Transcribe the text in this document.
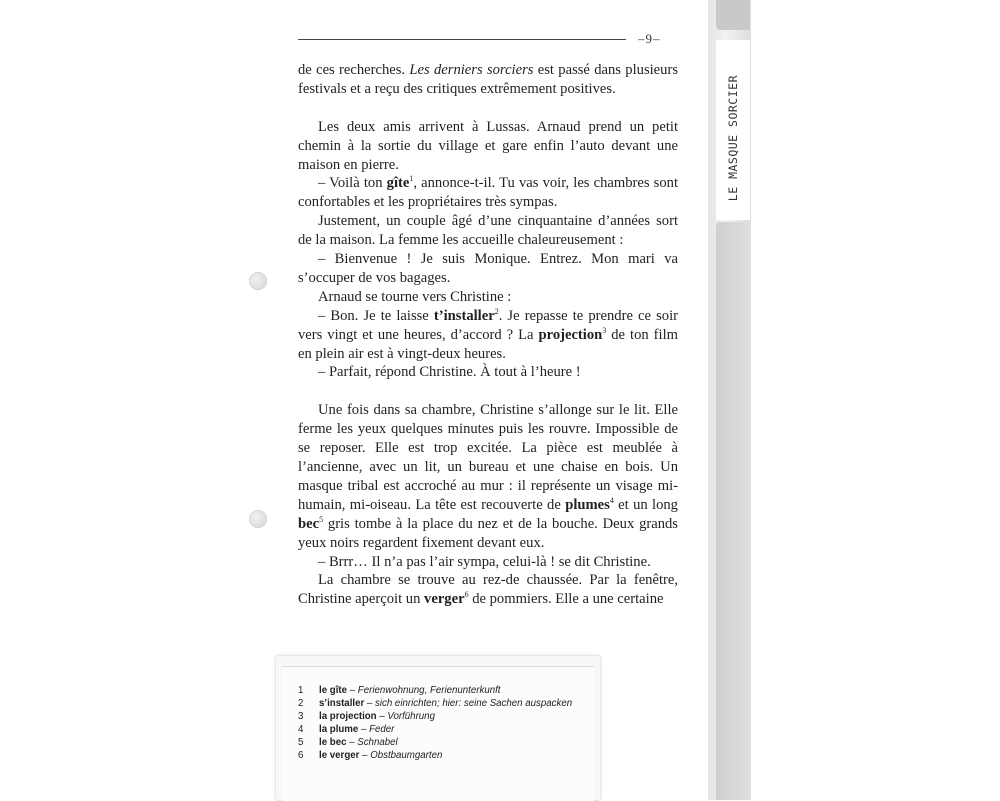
LE MASQUE SORCIER
–9–

de ces recherches. Les derniers sorciers est passé dans plusieurs festivals et a reçu des critiques extrêmement positives.

Les deux amis arrivent à Lussas. Arnaud prend un petit chemin à la sortie du village et gare enfin l’auto devant une maison en pierre.

– Voilà ton gîte$^1$, annonce-t-il. Tu vas voir, les chambres sont confortables et les propriétaires très sympas.

Justement, un couple âgé d’une cinquantaine d’années sort de la maison. La femme les accueille chaleureusement :

– Bienvenue ! Je suis Monique. Entrez. Mon mari va s’occuper de vos bagages.

Arnaud se tourne vers Christine :

– Bon. Je te laisse t’installer$^2$. Je repasse te prendre ce soir vers vingt et une heures, d’accord ? La projection$^3$ de ton film en plein air est à vingt-deux heures.

– Parfait, répond Christine. À tout à l’heure !

Une fois dans sa chambre, Christine s’allonge sur le lit. Elle ferme les yeux quelques minutes puis les rouvre. Impossible de se reposer. Elle est trop excitée. La pièce est meublée à l’ancienne, avec un lit, un bureau et une chaise en bois. Un masque tribal est accroché au mur : il représente un visage mi-humain, mi-oiseau. La tête est recouverte de plumes$^4$ et un long bec$^5$ gris tombe à la place du nez et de la bouche. Deux grands yeux noirs regardent fixement devant eux.

– Brrr… Il n’a pas l’air sympa, celui-là ! se dit Christine.

La chambre se trouve au rez-de chaussée. Par la fenêtre, Christine aperçoit un verger$^6$ de pommiers. Elle a une certaine

1	le gîte – Ferienwohnung, Ferienunterkunft
2	s’installer – sich einrichten; hier: seine Sachen auspacken
3	la projection – Vorführung
4	la plume – Feder
5	le bec – Schnabel
6	le verger – Obstbaumgarten
